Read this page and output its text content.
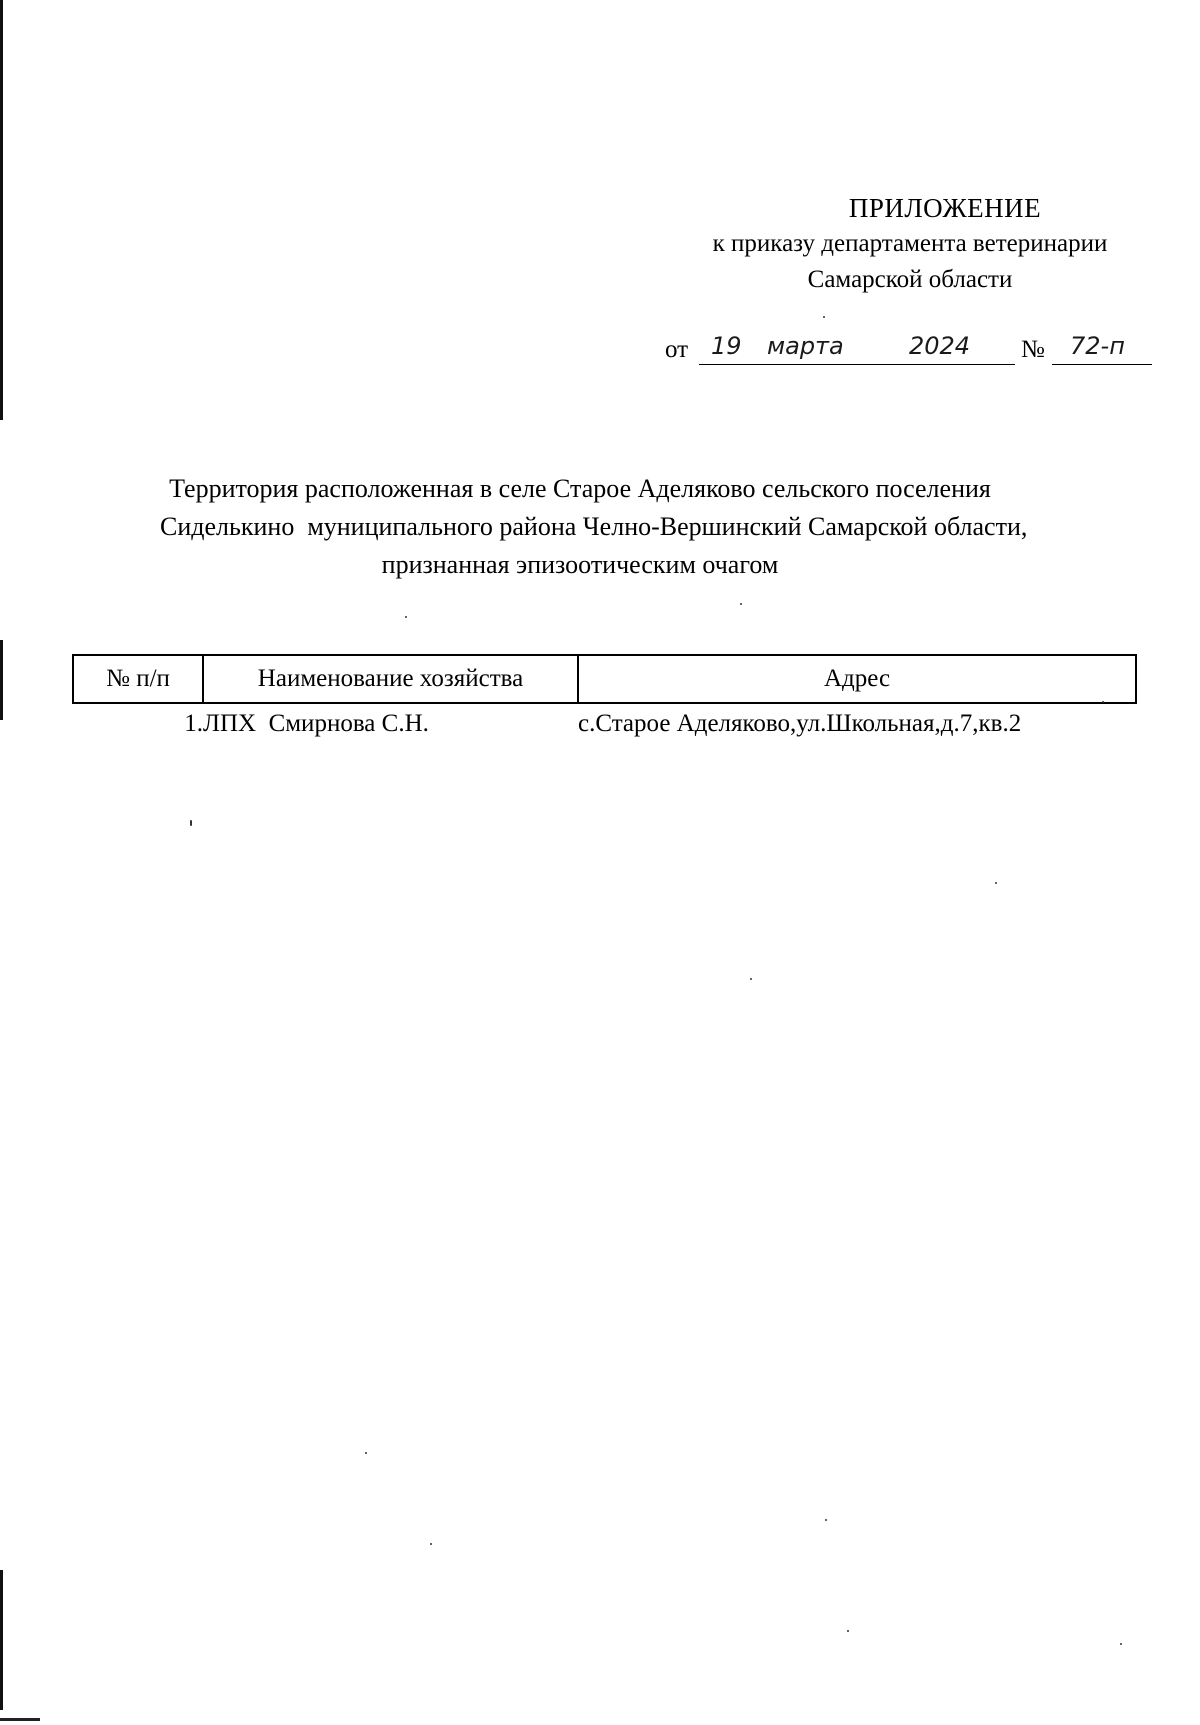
ПРИЛОЖЕНИЕ
к приказу департамента ветеринарии
Самарской области
от 19 марта	2024 № 72-п
Территория расположенная в селе Старое Аделяково сельского поселения
Сиделькино  муниципального района Челно-Вершинский Самарской области,
признанная эпизоотическим очагом
№ п/п	Наименование хозяйства	Адрес
1.	ЛПХ  Смирнова С.Н.	с.Старое Аделяково,ул.Школьная,д.7,кв.2
